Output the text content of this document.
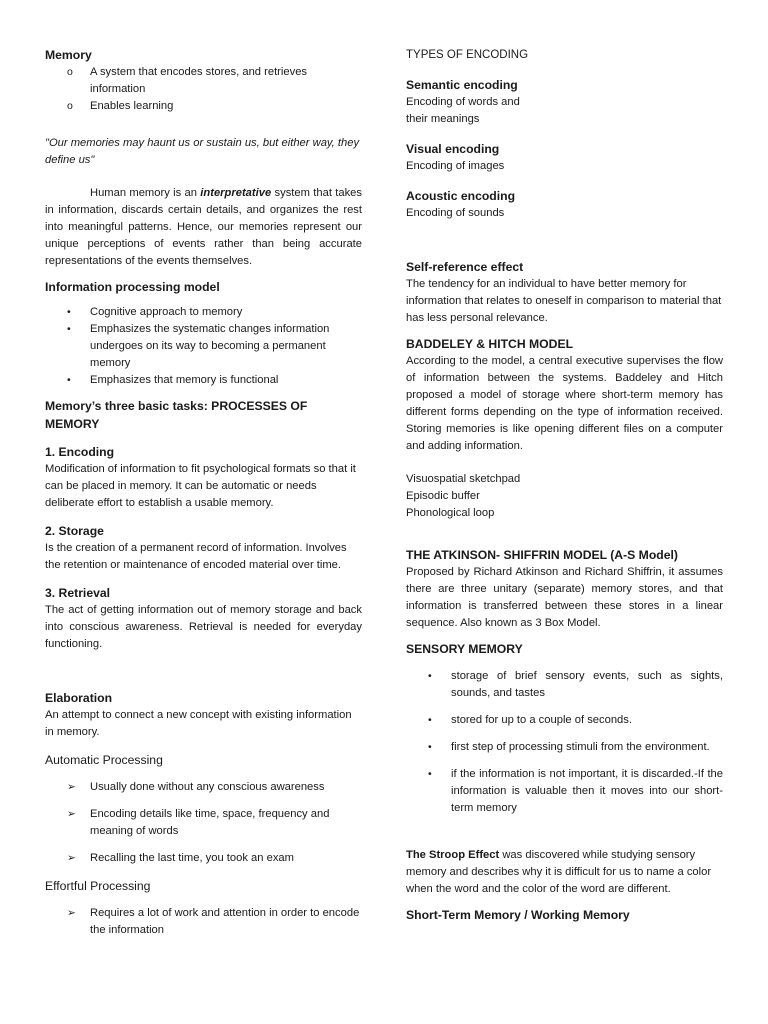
Memory

o A system that encodes stores, and retrieves information
o Enables learning

"Our memories may haunt us or sustain us, but either way, they define us"

Human memory is an interpretative system that takes in information, discards certain details, and organizes the rest into meaningful patterns. Hence, our memories represent our unique perceptions of events rather than being accurate representations of the events themselves.

Information processing model

• Cognitive approach to memory
• Emphasizes the systematic changes information undergoes on its way to becoming a permanent memory
• Emphasizes that memory is functional

Memory’s three basic tasks: PROCESSES OF MEMORY

1. Encoding

Modification of information to fit psychological formats so that it can be placed in memory. It can be automatic or needs deliberate effort to establish a usable memory.

2. Storage

Is the creation of a permanent record of information. Involves the retention or maintenance of encoded material over time.

3. Retrieval

The act of getting information out of memory storage and back into conscious awareness. Retrieval is needed for everyday functioning.

Elaboration

An attempt to connect a new concept with existing information in memory.

Automatic Processing

➢ Usually done without any conscious awareness
➢ Encoding details like time, space, frequency and meaning of words
➢ Recalling the last time, you took an exam

Effortful Processing

➢ Requires a lot of work and attention in order to encode the information

TYPES OF ENCODING

Semantic encoding

Encoding of words and their meanings

Visual encoding

Encoding of images

Acoustic encoding

Encoding of sounds

Self-reference effect

The tendency for an individual to have better memory for information that relates to oneself in comparison to material that has less personal relevance.

BADDELEY & HITCH MODEL

According to the model, a central executive supervises the flow of information between the systems. Baddeley and Hitch proposed a model of storage where short-term memory has different forms depending on the type of information received. Storing memories is like opening different files on a computer and adding information.

Visuospatial sketchpad

Episodic buffer

Phonological loop

THE ATKINSON- SHIFFRIN MODEL (A-S Model)

Proposed by Richard Atkinson and Richard Shiffrin, it assumes there are three unitary (separate) memory stores, and that information is transferred between these stores in a linear sequence. Also known as 3 Box Model.

SENSORY MEMORY

• storage of brief sensory events, such as sights, sounds, and tastes
• stored for up to a couple of seconds.
• first step of processing stimuli from the environment.
• if the information is not important, it is discarded.-If the information is valuable then it moves into our short-term memory

The Stroop Effect was discovered while studying sensory memory and describes why it is difficult for us to name a color when the word and the color of the word are different.

Short-Term Memory / Working Memory
